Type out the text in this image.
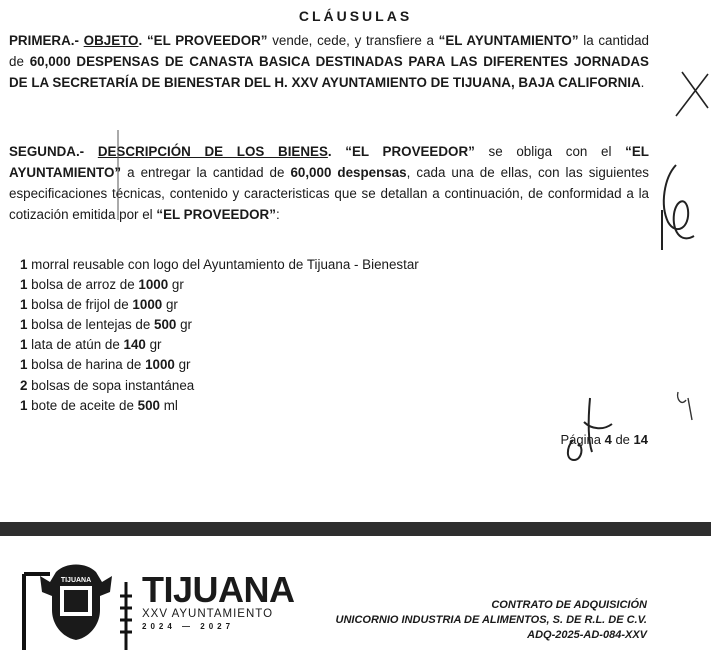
CLÁUSULAS
PRIMERA.- OBJETO. “EL PROVEEDOR” vende, cede, y transfiere a “EL AYUNTAMIENTO” la cantidad de 60,000 DESPENSAS DE CANASTA BASICA DESTINADAS PARA LAS DIFERENTES JORNADAS DE LA SECRETARÍA DE BIENESTAR DEL H. XXV AYUNTAMIENTO DE TIJUANA, BAJA CALIFORNIA.
SEGUNDA.- DESCRIPCIÓN DE LOS BIENES. “EL PROVEEDOR” se obliga con el “EL AYUNTAMIENTO” a entregar la cantidad de 60,000 despensas, cada una de ellas, con las siguientes especificaciones técnicas, contenido y caracteristicas que se detallan a continuación, de conformidad a la cotización emitida por el “EL PROVEEDOR”:
1 morral reusable con logo del Ayuntamiento de Tijuana - Bienestar
1 bolsa de arroz de 1000 gr
1 bolsa de frijol de 1000 gr
1 bolsa de lentejas de 500 gr
1 lata de atún de 140 gr
1 bolsa de harina de 1000 gr
2 bolsas de sopa instantánea
1 bote de aceite de 500 ml
Página 4 de 14
TIJUANA TIJUANA
XXV AYUNTAMIENTO
2024 — 2027
CONTRATO DE ADQUISICIÓN
UNICORNIO INDUSTRIA DE ALIMENTOS, S. DE R.L. DE C.V.
ADQ-2025-AD-084-XXV
